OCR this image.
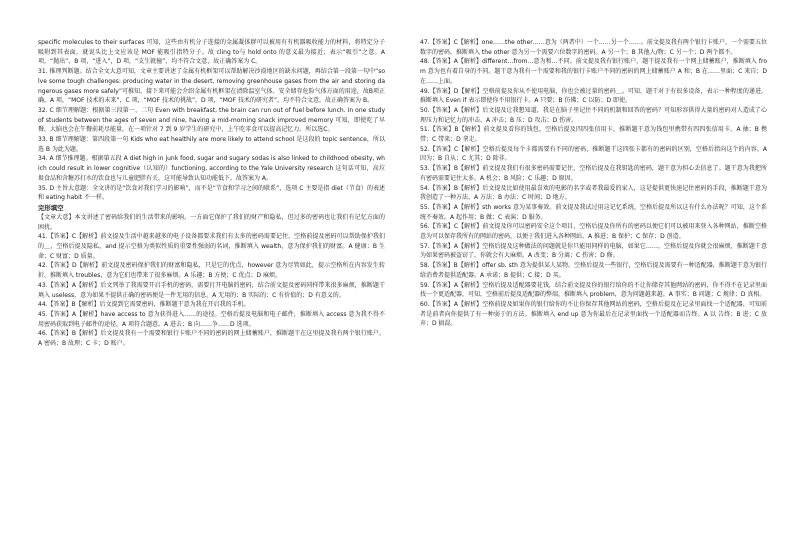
specific molecules to their surfaces 可知，这些由有机分子连接的金属凝体群可以被用有有机器吸收能力的材料，将特定分子吸附到其表面，就说头比上文应该是 MOF 能吸引指特分子。故 cling to与 hold onto 的意义最为接近；表示“吸引”之意。A 项，“抛出”，B 项，“进入”，D 项，“支生就撞”，均不符合文意，故正确答案为 C。

31. 推理判断题。结合全文大意可知，文章主要讲述了金属有机框架可以帮助解决沙漠地区的缺水问题，再结合第一段第一句中“solve some tough challenges: producing water in the desert, removing greenhouse gases from the air and storing dangerous gases more safely”可推知，接下来可能会介绍金属有机框架在清除温室气体、安全储存危险气体方面的用途，故B项正确。A 项，“MOF 技术的未来”，C 项，“MOF 技术的挑战”，D 项，“MOF 技术的研究者”，均不符合文意，故正确答案为 B。

32. C 细节理解题：根据第三段第一、二句 Even with breakfast, the brain can run out of fuel before lunch. In one study of students between the ages of seven and nine, having a mid-morning snack improved memory 可知，即使吃了早餐，大脑也会在午餐前耗尽能量，在一项针对 7 到 9 岁学生的研究中，上午吃零食可以提高记忆力。所以选C。

33. B 细节理解题：第四段第一句 Kids who eat healthily are more likely to attend school 是这段的 topic sentence，所以选 B 为此为题。

34. A 细节推理题。根据第五段 A diet high in junk food, sugar and sugary sodas is also linked to childhood obesity, which could result in lower cognitive（认知的）functioning, according to the Yale University research 这句话可知，高垃圾食品和含糖苏打水的饮食也与儿童肥胖有关，这可能导致认知功能低下。故答案为 A。

35. D 主旨大意题：全文讲的是“饮食对我们学习的影响”，而不是“节食和学习之间的联系”，选项 C 主要是指 diet（节食）的表述和 eating habit 不一样。

完形填空

【文章大意】本文讲述了密码给我们的生活带来的影响，一方面它保护了我们的财产和隐私，但过多的密码也让我们有记忆方面的困扰。

41.【答案】C【解析】前文提及生活中越来越多的电子设备都要求我们有太多的密码需要记住，空格前提及密码可以帮助保护我们的＿，空格后提及隐私，and 提示空格为类似性质的重要性强弱的名词，推断填入 wealth，意为保护我们的财富。A 健康；B 生命；C 财富；D 质量。

42.【答案】D【解析】前文提及密码保护我们的财富和隐私，只是它的优点，however 意为尽管如此，提示空格所在内容发生转折，推断填入 troubles，意为它们也带来了很多麻烦。A 乐趣；B 方便；C 优点；D 麻烦。

43.【答案】A【解析】后文列举了我需要开启手机的密码，需要打开电脑的密码，结合前文提及密码同样带来很多麻烦，推断题干填入 useless，意为如果不提供正确的密码便是一件无用的信息。A 无用的；B 实际的；C 有价值的；D 有意义的。

44.【答案】B【解析】后文提到它需要密码，推断题干意为我在开启我的手机。

45.【答案】A【解析】have access to 意为获得进入……的途径。空格后提及电脑和电子邮件，推断填入 access 意为我不得不用密码获取到电子邮件的途径，A 项符合题意。A 进去；B 向……争……D 选项。

46.【答案】B【解析】后文提及我有一个需要和银行卡账户不同的密码的网上储蓄账户，推断题干在这里提及我有两个银行账户。A 密码；B 故理；C 卡；D 账户。

47.【答案】C【解析】one……the other……意为（两者中）一个……另一个……。前文提及我有两个银行卡账户，一个需要五位数字的密码，推断填入 the other 意为另一个需要六位数字的密码。A 另一个；B 其他人/物；C 另一个；D 两个都不。

48.【答案】A【解析】different…from…意为和…不同。前文提及我有银行账户，题干提及我有一个网上储蓄账户，推断填入 from 意为也有着自身的不同。题干意为我有一个需要和我的银行卡账户不同的密码的网上储蓄账户 A 和；B 在……里面；C 来自；D 在……上面。

49.【答案】D【解析】空格前提及你从不使用电脑，你也会被过量的密码＿。可知，题干对于有很多设备，表示一种程度的递进，推断填入 Even if 表示即使你不用银行卡。A 只要；B 仿佛；C 以防；D 即使。

50.【答案】A【解析】后文提及让我想知道，我是在脑子里记住不同的机制和回答的密码？可知形容供得大量的密码对人造成了心理压力和记忆力的冲击。A 冲击；B 压；D 攻击；D 伤害。

51.【答案】B【解析】前文提及看你的钱包，空格后提及四四张信用卡，推断题干意为钱包里携带有四四张信用卡。A 抽；B 携带；C 带来；D 拿走。

52.【答案】C【解析】空格后提及每个卡都需要有不同的密码，推断题干这四张卡都有的密码的区别，空格后指向这个的内容。A 因为；B 自从；C 尤其；D 除非。

53.【答案】B【解析】前文提及我们有很多密码需要记住，空格后提及在我钥匙的密码，题干意为担心丢信息了。题干意为我把所有密码需要记住太多。A 机会；B 风险；C 乐趣；D 原因。

54.【答案】B【解析】后文提及比如使用最喜欢的电影的名字或者我最爱的家人，这是提供更快速记住密码的手段，推断题干意为我创造了一种方法。A 方法；B 办法；C 时间；D 地方。

55.【答案】A【解析】sth works 意为某事奏效。前文提及我试过用这记忆系统，空格后提及所以这有什么办法呢？可知，这个系统不奏效。A 起作用；B 做；C 表演；D 服务。

56.【答案】C【解析】前文提及你可以密码安全这个项目，空格后提及你所有的密码以便它们可以被用来登入各种网站，推断空格意为可以保存我所有的网站的密码，以便于我们进入各种网站。A 推进；B 保护；C 保存；D 创造。

57.【答案】A【解析】空格后提及这种做法的问题就是你只能用同样的电脑，如果它……，空格后提及你就会很麻烦，推断题干意为如果密码被盗窃了，你就会有大麻烦。A 改变；B 分离；C 伤害；D 修。

58.【答案】B【解析】offer sb. sth 意为提供某人某物。空格后提及一些银行，空格后提及需要有一种适配器，推断题干意为银行给消费者提供适配器。A 承诺；B 提供；C 接；D 买。

59.【答案】A【解析】空格后提及适配器要花钱，结合前文提及你的银行给你的不让你储存其他网站的密码，你不得不在记录里面找一个更适配器，可知，空格前后提及适配器的弊端，推断填入 problem，意为问题越来越。A 事实；B 问题；C 规律；D 真相。

60.【答案】A【解析】空格前提及如果你的银行给你的不让你保存其他网站的密码，空格后提及在记录里面找一个适配器，可知前者是前者向你提供了有一种弱于的方法。推断填入 end up 意为你最后在记录里面找一个适配器而告终。A 以 告终；B 进；C 放弃；D 搞混。
